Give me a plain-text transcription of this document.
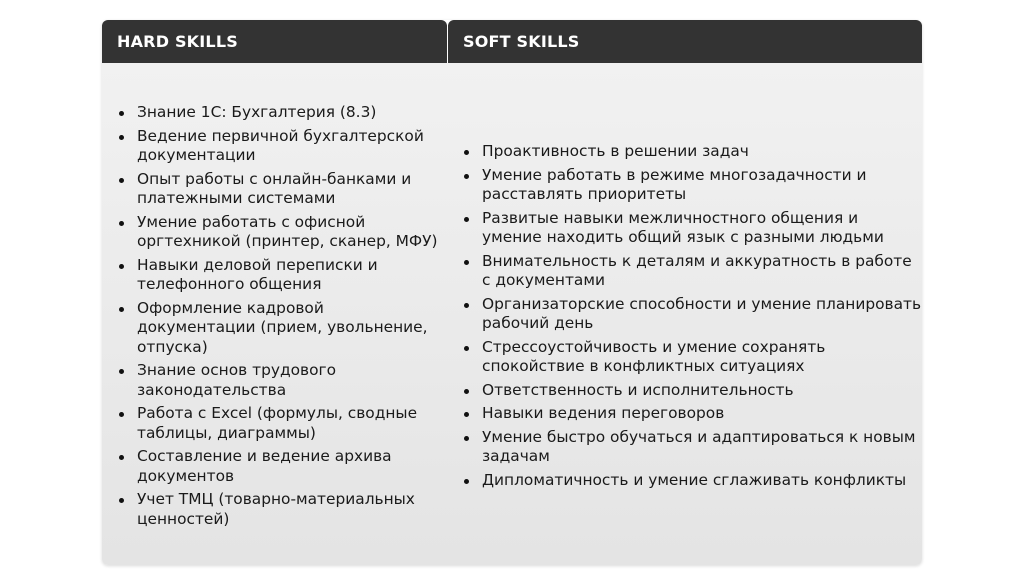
HARD SKILLS
Знание 1С: Бухгалтерия (8.3)
Ведение первичной бухгалтерской документации
Опыт работы с онлайн-банками и платежными системами
Умение работать с офисной оргтехникой (принтер, сканер, МФУ)
Навыки деловой переписки и телефонного общения
Оформление кадровой документации (прием, увольнение, отпуска)
Знание основ трудового законодательства
Работа с Excel (формулы, сводные таблицы, диаграммы)
Составление и ведение архива документов
Учет ТМЦ (товарно-материальных ценностей)
SOFT SKILLS
Проактивность в решении задач
Умение работать в режиме многозадачности и расставлять приоритеты
Развитые навыки межличностного общения и умение находить общий язык с разными людьми
Внимательность к деталям и аккуратность в работе с документами
Организаторские способности и умение планировать рабочий день
Стрессоустойчивость и умение сохранять спокойствие в конфликтных ситуациях
Ответственность и исполнительность
Навыки ведения переговоров
Умение быстро обучаться и адаптироваться к новым задачам
Дипломатичность и умение сглаживать конфликты
